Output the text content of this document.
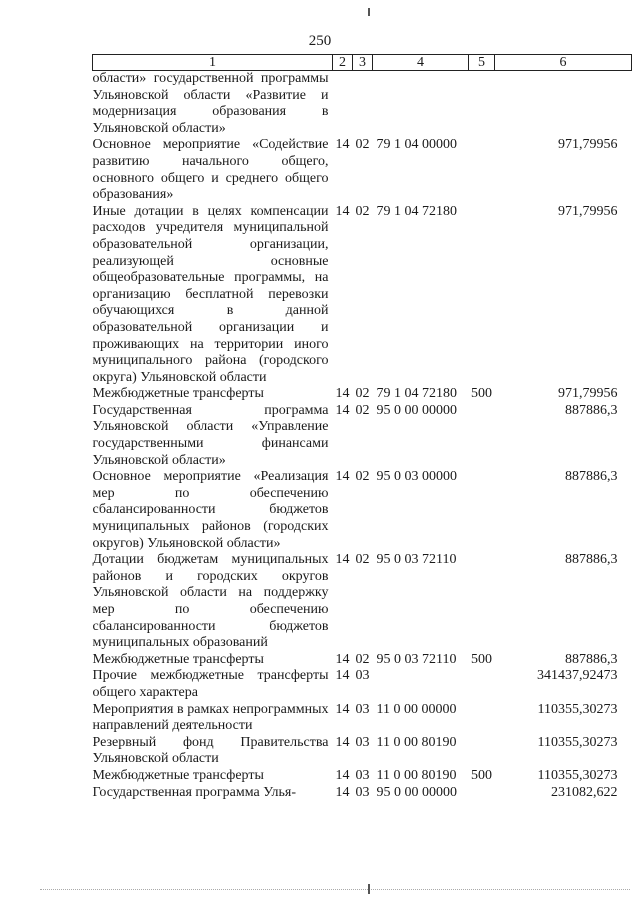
250
1	2	3	4	5	6
области» государственной программы Ульяновской области «Развитие и модернизация образования в Ульяновской области»					
Основное мероприятие «Содействие развитию начального общего, основного общего и среднего общего образования»	14	02	79 1 04 00000		971,79956
Иные дотации в целях компенсации расходов учредителя муниципальной образовательной организации, реализующей основные общеобразовательные программы, на организацию бесплатной перевозки обучающихся в данной образовательной организации и проживающих на территории иного муниципального района (городского округа) Ульяновской области	14	02	79 1 04 72180		971,79956
Межбюджетные трансферты	14	02	79 1 04 72180	500	971,79956
Государственная программа Ульяновской области «Управление государственными финансами Ульяновской области»	14	02	95 0 00 00000		887886,3
Основное мероприятие «Реализация мер по обеспечению сбалансированности бюджетов муниципальных районов (городских округов) Ульяновской области»	14	02	95 0 03 00000		887886,3
Дотации бюджетам муниципальных районов и городских округов Ульяновской области на поддержку мер по обеспечению сбалансированности бюджетов муниципальных образований	14	02	95 0 03 72110		887886,3
Межбюджетные трансферты	14	02	95 0 03 72110	500	887886,3
Прочие межбюджетные трансферты общего характера	14	03			341437,92473
Мероприятия в рамках непрограммных направлений деятельности	14	03	11 0 00 00000		110355,30273
Резервный фонд Правительства Ульяновской области	14	03	11 0 00 80190		110355,30273
Межбюджетные трансферты	14	03	11 0 00 80190	500	110355,30273
Государственная программа Улья-	14	03	95 0 00 00000		231082,622
